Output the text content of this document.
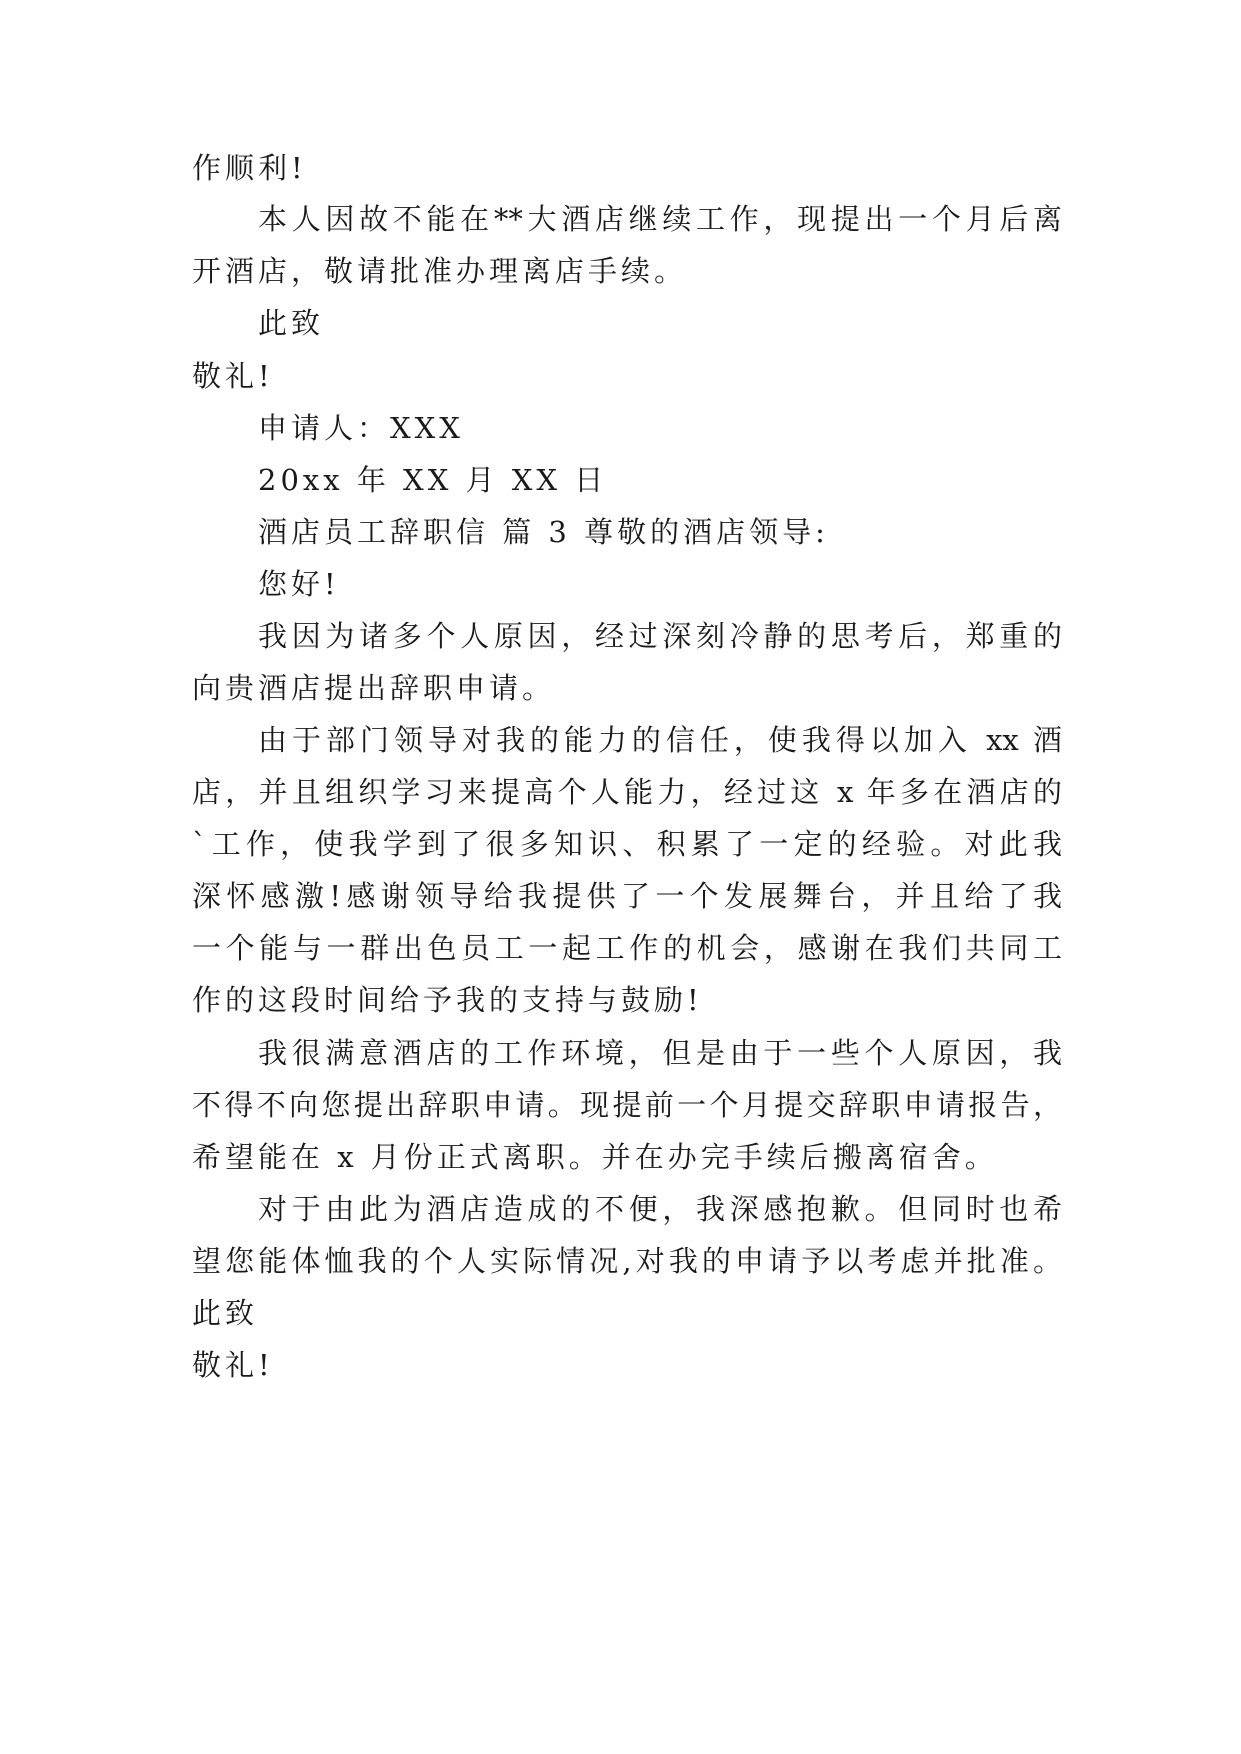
作顺利!
本人因故不能在**大酒店继续工作，现提出一个月后离
开酒店，敬请批准办理离店手续。
此致
敬礼!
申请人：XXX
20xx 年 XX 月 XX 日
酒店员工辞职信 篇 3 尊敬的酒店领导:
您好!
我因为诸多个人原因，经过深刻冷静的思考后，郑重的
向贵酒店提出辞职申请。
由于部门领导对我的能力的信任，使我得以加入 xx 酒
店，并且组织学习来提高个人能力，经过这 x 年多在酒店的
`工作，使我学到了很多知识、积累了一定的经验。对此我
深怀感激!感谢领导给我提供了一个发展舞台，并且给了我
一个能与一群出色员工一起工作的机会，感谢在我们共同工
作的这段时间给予我的支持与鼓励!
我很满意酒店的工作环境，但是由于一些个人原因，我
不得不向您提出辞职申请。现提前一个月提交辞职申请报告，
希望能在 x 月份正式离职。并在办完手续后搬离宿舍。
对于由此为酒店造成的不便，我深感抱歉。但同时也希
望您能体恤我的个人实际情况,对我的申请予以考虑并批准。
此致
敬礼!
